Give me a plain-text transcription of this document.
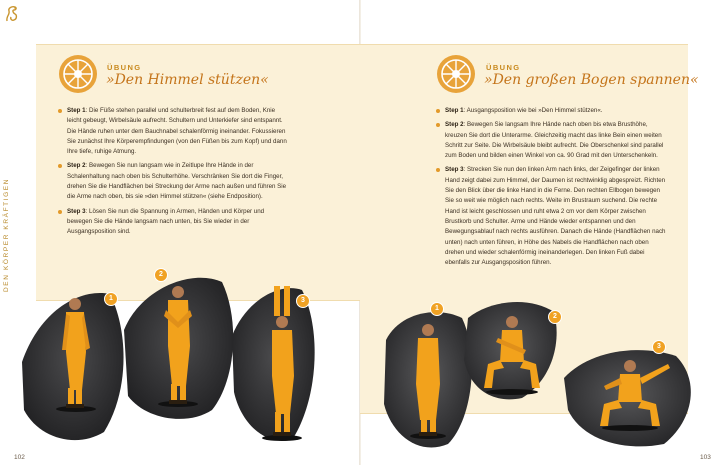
DEN KÖRPER KRÄFTIGEN
ÜBUNG
»Den Himmel stützen«
ÜBUNG
»Den großen Bogen spannen«
Step 1: Die Füße stehen parallel und schulterbreit fest auf dem Boden, Knie leicht gebeugt, Wirbelsäule aufrecht. Schultern und Unterkiefer sind entspannt. Die Hände ruhen unter dem Bauchnabel schalenförmig ineinander. Fokussieren Sie zunächst Ihre Körperempfindungen (von den Füßen bis zum Kopf) und dann Ihre tiefe, ruhige Atmung.
Step 2: Bewegen Sie nun langsam wie in Zeitlupe Ihre Hände in der Schalenhaltung nach oben bis Schulterhöhe. Verschränken Sie dort die Finger, drehen Sie die Handflächen bei Streckung der Arme nach außen und führen Sie die Arme nach oben, bis sie »den Himmel stützen« (siehe Endposition).
Step 3: Lösen Sie nun die Spannung in Armen, Händen und Körper und bewegen Sie die Hände langsam nach unten, bis Sie wieder in der Ausgangsposition sind.
Step 1: Ausgangsposition wie bei »Den Himmel stützen«.
Step 2: Bewegen Sie langsam Ihre Hände nach oben bis etwa Brusthöhe, kreuzen Sie dort die Unterarme. Gleichzeitig macht das linke Bein einen weiten Schritt zur Seite. Die Wirbelsäule bleibt aufrecht. Die Oberschenkel sind parallel zum Boden und bilden einen Winkel von ca. 90 Grad mit den Unterschenkeln.
Step 3: Strecken Sie nun den linken Arm nach links, der Zeigefinger der linken Hand zeigt dabei zum Himmel, der Daumen ist rechtwinklig abgespreizt. Richten Sie den Blick über die linke Hand in die Ferne. Den rechten Ellbogen bewegen Sie so weit wie möglich nach rechts. Weite im Brustraum suchend. Die rechte Hand ist leicht geschlossen und ruht etwa 2 cm vor dem Körper zwischen Brustkorb und Schulter. Arme und Hände wieder entspannen und den Bewegungsablauf nach rechts ausführen. Danach die Hände (Handflächen nach unten) nach unten führen, in Höhe des Nabels die Handflächen nach oben drehen und wieder schalenförmig ineinanderlegen. Den linken Fuß dabei ebenfalls zur Ausgangsposition führen.
1
2
3
1
2
3
102	103
